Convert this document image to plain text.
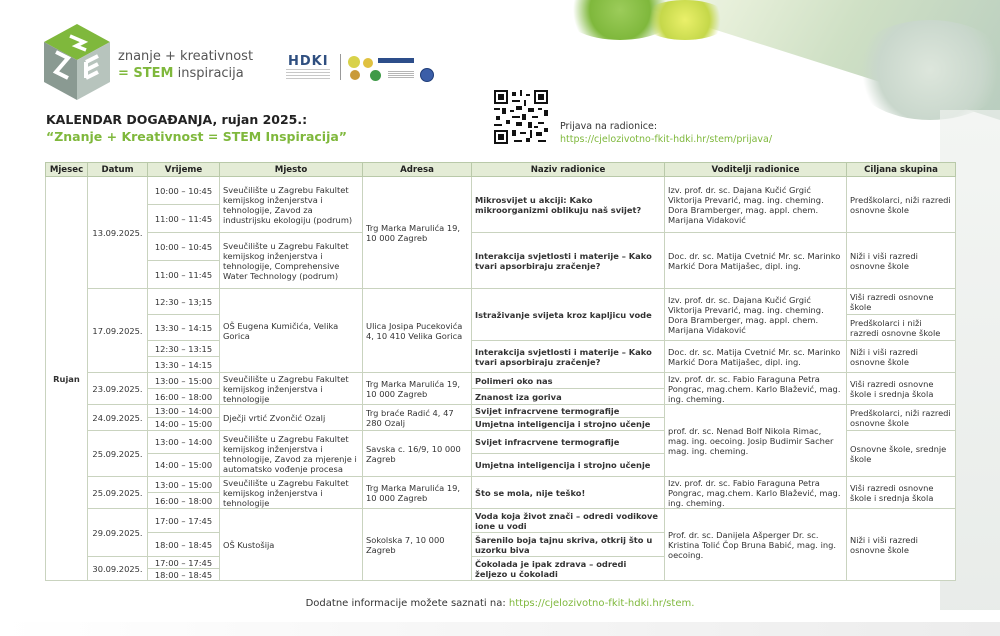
znanje + kreativnost
= STEM inspiracija
HDKI
KALENDAR DOGAĐANJA, rujan 2025.:
“Znanje + Kreativnost = STEM Inspiracija”
Prijava na radionice:
https://cjelozivotno-fkit-hdki.hr/stem/prijava/
Mjesec	Datum	Vrijeme	Mjesto	Adresa	Naziv radionice	Voditelji radionice	Ciljana skupina
Rujan	13.09.2025.	10:00 – 10:45	Sveučilište u Zagrebu Fakultet kemijskog inženjerstva i tehnologije, Zavod za industrijsku ekologiju (podrum)	Trg Marka Marulića 19, 10 000 Zagreb	Mikrosvijet u akciji: Kako mikroorganizmi oblikuju naš svijet?	Izv. prof. dr. sc. Dajana Kučić Grgić Viktorija Prevarić, mag. ing. cheming. Dora Bramberger, mag. appl. chem. Marijana Vidaković	Predškolarci, niži razredi osnovne škole
		11:00 – 11:45					
		10:00 – 10:45	Sveučilište u Zagrebu Fakultet kemijskog inženjerstva i tehnologije, Comprehensive Water Technology (podrum)		Interakcija svjetlosti i materije – Kako tvari apsorbiraju zračenje?	Doc. dr. sc. Matija Cvetnić Mr. sc. Marinko Markić Dora Matijašec, dipl. ing.	Niži i viši razredi osnovne škole
		11:00 – 11:45					
	17.09.2025.	12:30 – 13;15	OŠ Eugena Kumičića, Velika Gorica	Ulica Josipa Pucekovića 4, 10 410 Velika Gorica	Istraživanje svijeta kroz kapljicu vode	Izv. prof. dr. sc. Dajana Kučić Grgić Viktorija Prevarić, mag. ing. cheming. Dora Bramberger, mag. appl. chem. Marijana Vidaković	Viši razredi osnovne škole
		13:30 – 14:15					Predškolarci i niži razredi osnovne škole
		12:30 – 13:15			Interakcija svjetlosti i materije – Kako tvari apsorbiraju zračenje?	Doc. dr. sc. Matija Cvetnić Mr. sc. Marinko Markić Dora Matijašec, dipl. ing.	Niži i viši razredi osnovne škole
		13:30 – 14:15					
	23.09.2025.	13:00 – 15:00	Sveučilište u Zagrebu Fakultet kemijskog inženjerstva i tehnologije	Trg Marka Marulića 19, 10 000 Zagreb	Polimeri oko nas	Izv. prof. dr. sc. Fabio Faraguna Petra Pongrac, mag.chem. Karlo Blažević, mag. ing. cheming.	Viši razredi osnovne škole i srednja škola
		16:00 – 18:00			Znanost iza goriva		
	24.09.2025.	13:00 – 14:00	Dječji vrtić Zvončić Ozalj	Trg braće Radić 4, 47 280 Ozalj	Svijet infracrvene termografije	prof. dr. sc. Nenad Bolf Nikola Rimac, mag. ing. oecoing. Josip Budimir Sacher mag. ing. cheming.	Predškolarci, niži razredi osnovne škole
		14:00 – 15:00			Umjetna inteligencija i strojno učenje		
	25.09.2025.	13:00 – 14:00	Sveučilište u Zagrebu Fakultet kemijskog inženjerstva i tehnologije, Zavod za mjerenje i automatsko vođenje procesa	Savska c. 16/9, 10 000 Zagreb	Svijet infracrvene termografije		Osnovne škole, srednje škole
		14:00 – 15:00			Umjetna inteligencija i strojno učenje		
	25.09.2025.	13:00 – 15:00	Sveučilište u Zagrebu Fakultet kemijskog inženjerstva i tehnologije	Trg Marka Marulića 19, 10 000 Zagreb	Što se mola, nije teško!	Izv. prof. dr. sc. Fabio Faraguna Petra Pongrac, mag.chem. Karlo Blažević, mag. ing. cheming.	Viši razredi osnovne škole i srednja škola
		16:00 – 18:00					
	29.09.2025.	17:00 – 17:45	OŠ Kustošija	Sokolska 7, 10 000 Zagreb	Voda koja život znači – odredi vodikove ione u vodi	Prof. dr. sc. Danijela Ašperger Dr. sc. Kristina Tolić Čop Bruna Babić, mag. ing. oecoing.	Niži i viši razredi osnovne škole
		18:00 – 18:45			Šarenilo boja tajnu skriva, otkrij što u uzorku biva		
	30.09.2025.	17:00 – 17:45			Čokolada je ipak zdrava – odredi željezo u čokoladi		
		18:00 – 18:45					
Dodatne informacije možete saznati na: https://cjelozivotno-fkit-hdki.hr/stem.
